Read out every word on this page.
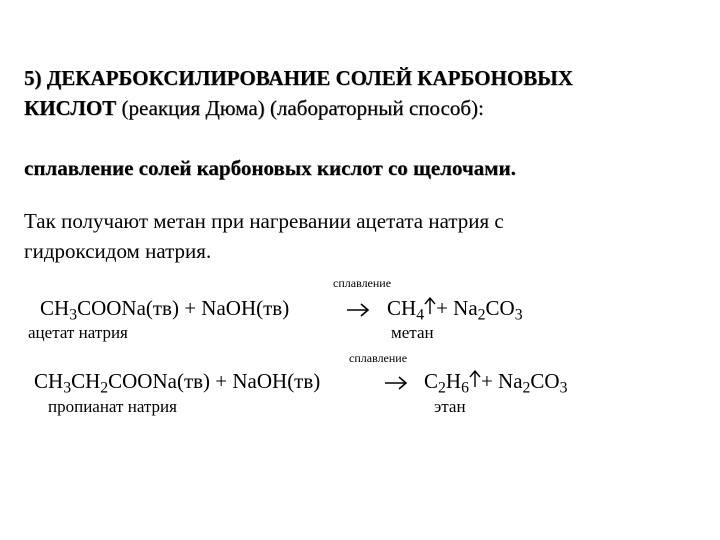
5) ДЕКАРБОКСИЛИРОВАНИЕ СОЛЕЙ КАРБОНОВЫХ
КИСЛОТ (реакция Дюма) (лабораторный способ):
сплавление солей карбоновых кислот со щелочами.
Так получают метан при нагревании ацетата натрия с
гидроксидом натрия.
сплавление
$CH_3COONa(тв)$ + NaOH(тв)	$CH_4 + Na_2CO_3$
ацетат натрия	метан
сплавление
$CH_3CH_2COONa(тв)$ + NaOH(тв)	$C_2H_6 + Na_2CO_3$
пропианат натрия	этан
